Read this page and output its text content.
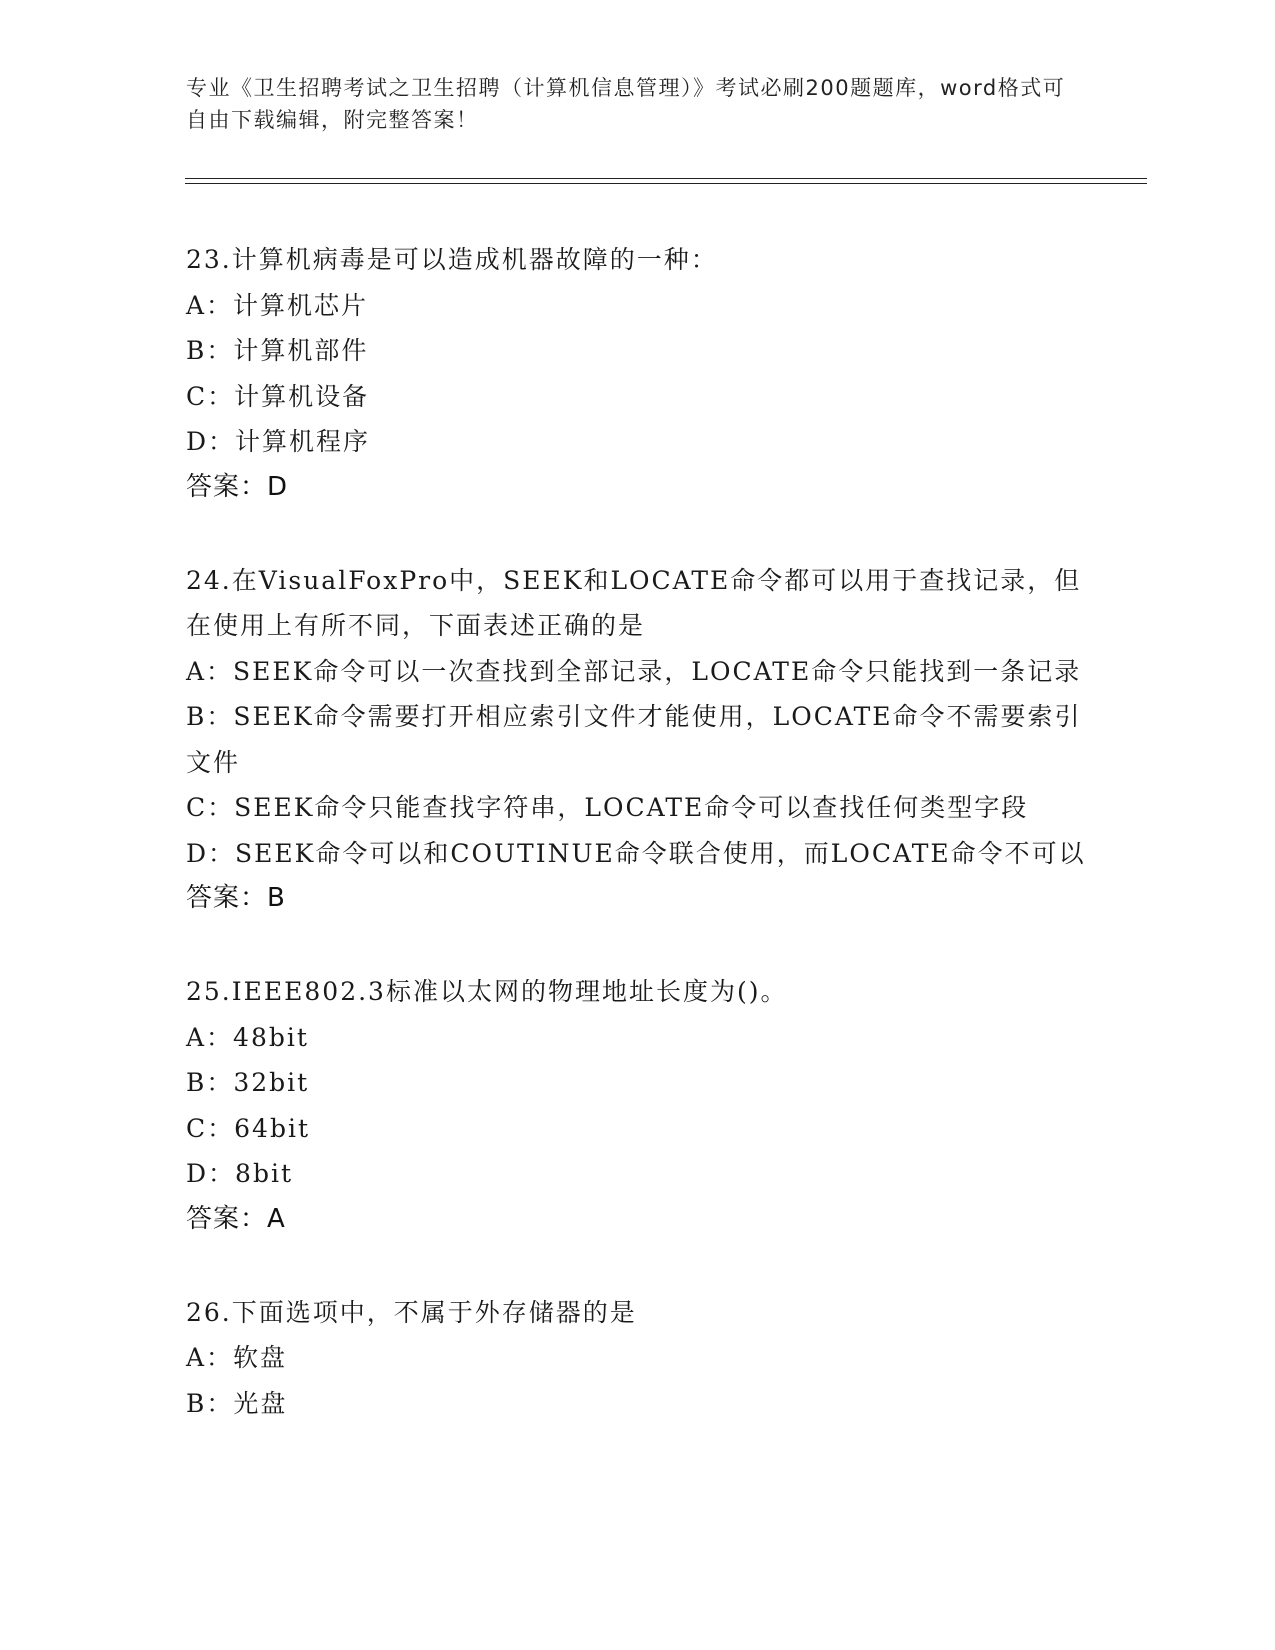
专业《卫生招聘考试之卫生招聘（计算机信息管理）》考试必刷200题题库，word格式可自由下载编辑，附完整答案！

23.计算机病毒是可以造成机器故障的一种：

A：计算机芯片

B：计算机部件

C：计算机设备

D：计算机程序

答案：D

24.在VisualFoxPro中，SEEK和LOCATE命令都可以用于查找记录，但在使用上有所不同，下面表述正确的是

A：SEEK命令可以一次查找到全部记录，LOCATE命令只能找到一条记录

B：SEEK命令需要打开相应索引文件才能使用，LOCATE命令不需要索引文件

C：SEEK命令只能查找字符串，LOCATE命令可以查找任何类型字段

D：SEEK命令可以和COUTINUE命令联合使用，而LOCATE命令不可以

答案：B

25.IEEE802.3标准以太网的物理地址长度为()。

A：48bit

B：32bit

C：64bit

D：8bit

答案：A

26.下面选项中，不属于外存储器的是

A：软盘

B：光盘
